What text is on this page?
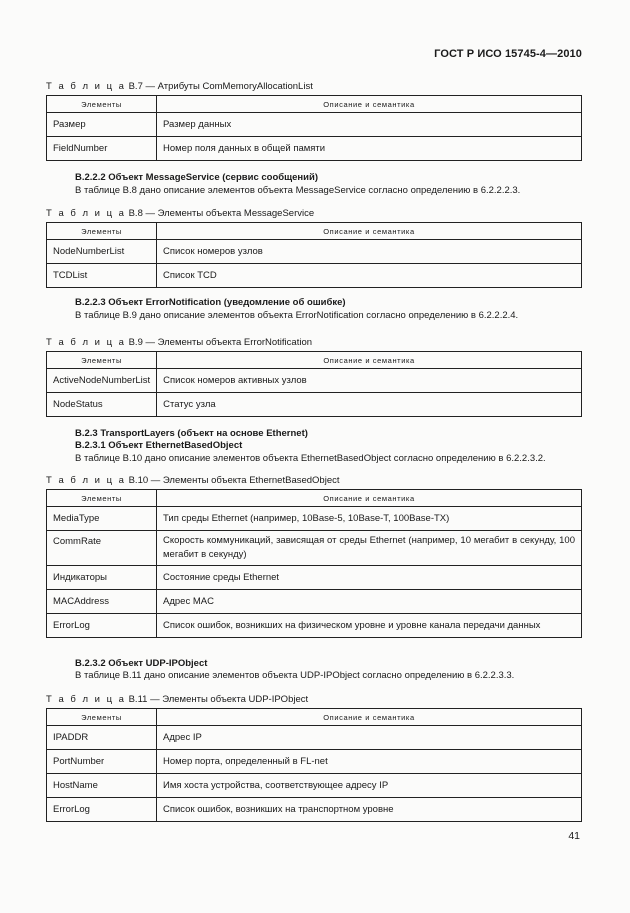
ГОСТ Р ИСО 15745-4—2010
Т а б л и ц а В.7 — Атрибуты ComMemoryAllocationList
Элементы	Описание и семантика
Размер	Размер данных
FieldNumber	Номер поля данных в общей памяти
В.2.2.2 Объект MessageService (сервис сообщений)
В таблице В.8 дано описание элементов объекта MessageService согласно определению в 6.2.2.2.3.
Т а б л и ц а В.8 — Элементы объекта MessageService
Элементы	Описание и семантика
NodeNumberList	Список номеров узлов
TCDList	Список TCD
В.2.2.3 Объект ErrorNotification (уведомление об ошибке)
В таблице В.9 дано описание элементов объекта ErrorNotification согласно определению в 6.2.2.2.4.
Т а б л и ц а В.9 — Элементы объекта ErrorNotification
Элементы	Описание и семантика
ActiveNodeNumberList	Список номеров активных узлов
NodeStatus	Статус узла
В.2.3 TransportLayers (объект на основе Ethernet)
В.2.3.1 Объект EthernetBasedObject
В таблице В.10 дано описание элементов объекта EthernetBasedObject согласно определению в 6.2.2.3.2.
Т а б л и ц а В.10 — Элементы объекта EthernetBasedObject
Элементы	Описание и семантика
MediaType	Тип среды Ethernet (например, 10Base-5, 10Base-T, 100Base-TX)
CommRate	Скорость коммуникаций, зависящая от среды Ethernet (например, 10 мегабит в секунду, 100 мегабит в секунду)
Индикаторы	Состояние среды Ethernet
MACAddress	Адрес MAC
ErrorLog	Список ошибок, возникших на физическом уровне и уровне канала передачи данных
В.2.3.2 Объект UDP-IPObject
В таблице В.11 дано описание элементов объекта UDP-IPObject согласно определению в 6.2.2.3.3.
Т а б л и ц а В.11 — Элементы объекта UDP-IPObject
Элементы	Описание и семантика
IPADDR	Адрес IP
PortNumber	Номер порта, определенный в FL-net
HostName	Имя хоста устройства, соответствующее адресу IP
ErrorLog	Список ошибок, возникших на транспортном уровне
41
